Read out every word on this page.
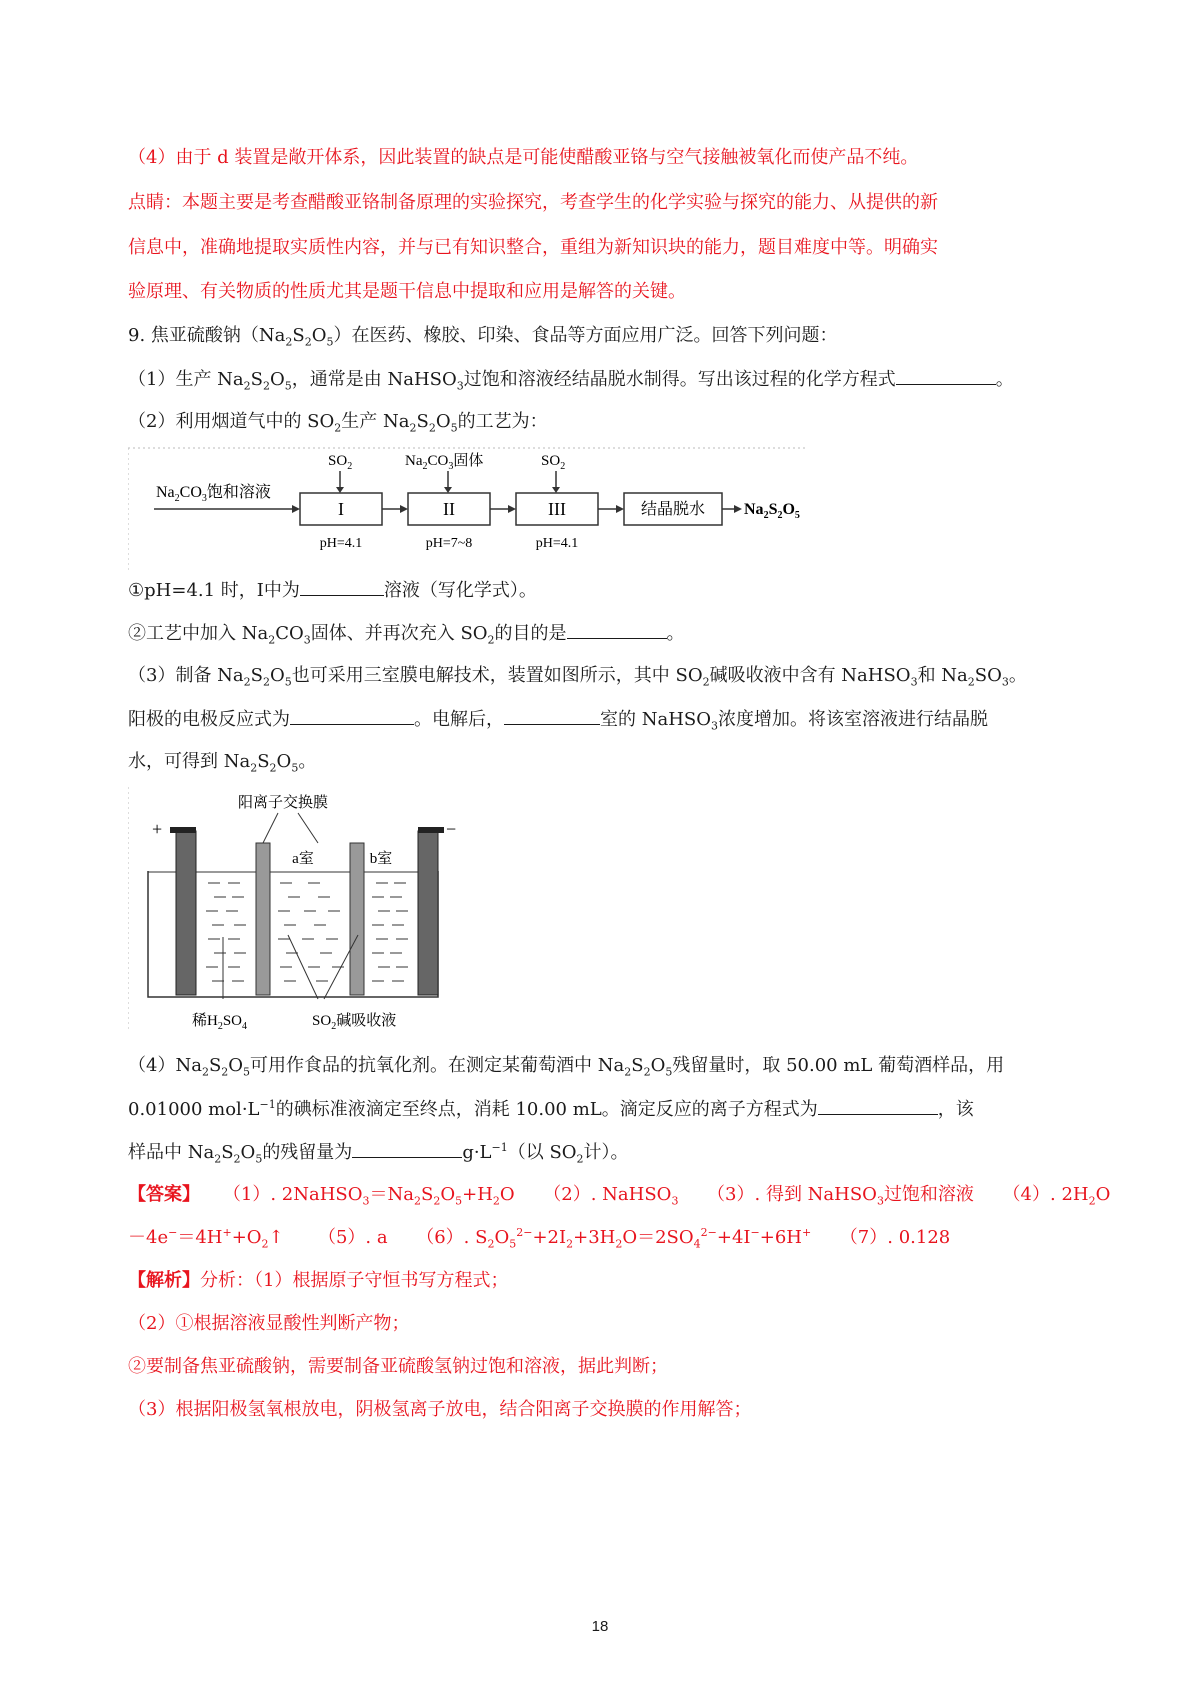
（4）由于 d 装置是敞开体系，因此装置的缺点是可能使醋酸亚铬与空气接触被氧化而使产品不纯。
点睛：本题主要是考查醋酸亚铬制备原理的实验探究，考查学生的化学实验与探究的能力、从提供的新
信息中，准确地提取实质性内容，并与已有知识整合，重组为新知识块的能力，题目难度中等。明确实
验原理、有关物质的性质尤其是题干信息中提取和应用是解答的关键。
9. 焦亚硫酸钠$(Na_2S_2O_5)$在医药、橡胶、印染、食品等方面应用广泛。回答下列问题：
（1）生产 $Na_2S_2O_5$，通常是由 NaHSO$_3$过饱和溶液经结晶脱水制得。写出该过程的化学方程式	。
（2）利用烟道气中的 $SO_2$生产 $Na_2S_2O_5$的工艺为：
$Na_2CO_3$饱和溶液
I
$SO_2$
pH=4.1
II
$Na_2CO_3$固体
pH=7~8
III
$SO_2$
pH=4.1
结晶脱水 $Na_2S_2O_5$
①pH=4.1 时，Ⅰ中为	溶液（写化学式）。
②工艺中加入 $Na_2CO_3$固体、并再次充入 $SO_2$的目的是	。
（3）制备 $Na_2S_2O_5$也可采用三室膜电解技术，装置如图所示，其中 $SO_2$碱吸收液中含有 NaHSO$_3$和 $Na_2SO_3$。
阳极的电极反应式为	。电解后，	室的 NaHSO$_3$浓度增加。将该室溶液进行结晶脱
水，可得到 $Na_2S_2O_5$。
阳离子交换膜
+	−
a室	b室
稀$H_2SO_4$	$SO_2$碱吸收液
$(4)Na_2S_2O_5$可用作食品的抗氧化剂。在测定某葡萄酒中 $Na_2S_2O_5$残留量时，取 50.00 mL 葡萄酒样品，用
0.01000 $mol\cdot L^{-1}$的碘标准液滴定至终点，消耗 10.00 mL。滴定反应的离子方程式为	，该
样品中 $Na_2S_2O_5$的残留量为	$g\cdot L^{-1}$（以 $SO_2$计）。
【答案】 （1）. $2NaHSO_3=Na_2S_2O_5+H_2O$ （2）. NaHSO$_3$ （3）. 得到 NaHSO$_3$过饱和溶液 （4）. $2H_2O$
$-4e^-=4H^++O_2↑$ （5）. a （6）. $S_2O_5^{2-}+2I_2+3H_2O=2SO_4^{2-}+4I^-+6H^+$ （7）. 0.128
【解析】分析：（1）根据原子守恒书写方程式；
（2）①根据溶液显酸性判断产物；
②要制备焦亚硫酸钠，需要制备亚硫酸氢钠过饱和溶液，据此判断；
（3）根据阳极氢氧根放电，阴极氢离子放电，结合阳离子交换膜的作用解答；
18
